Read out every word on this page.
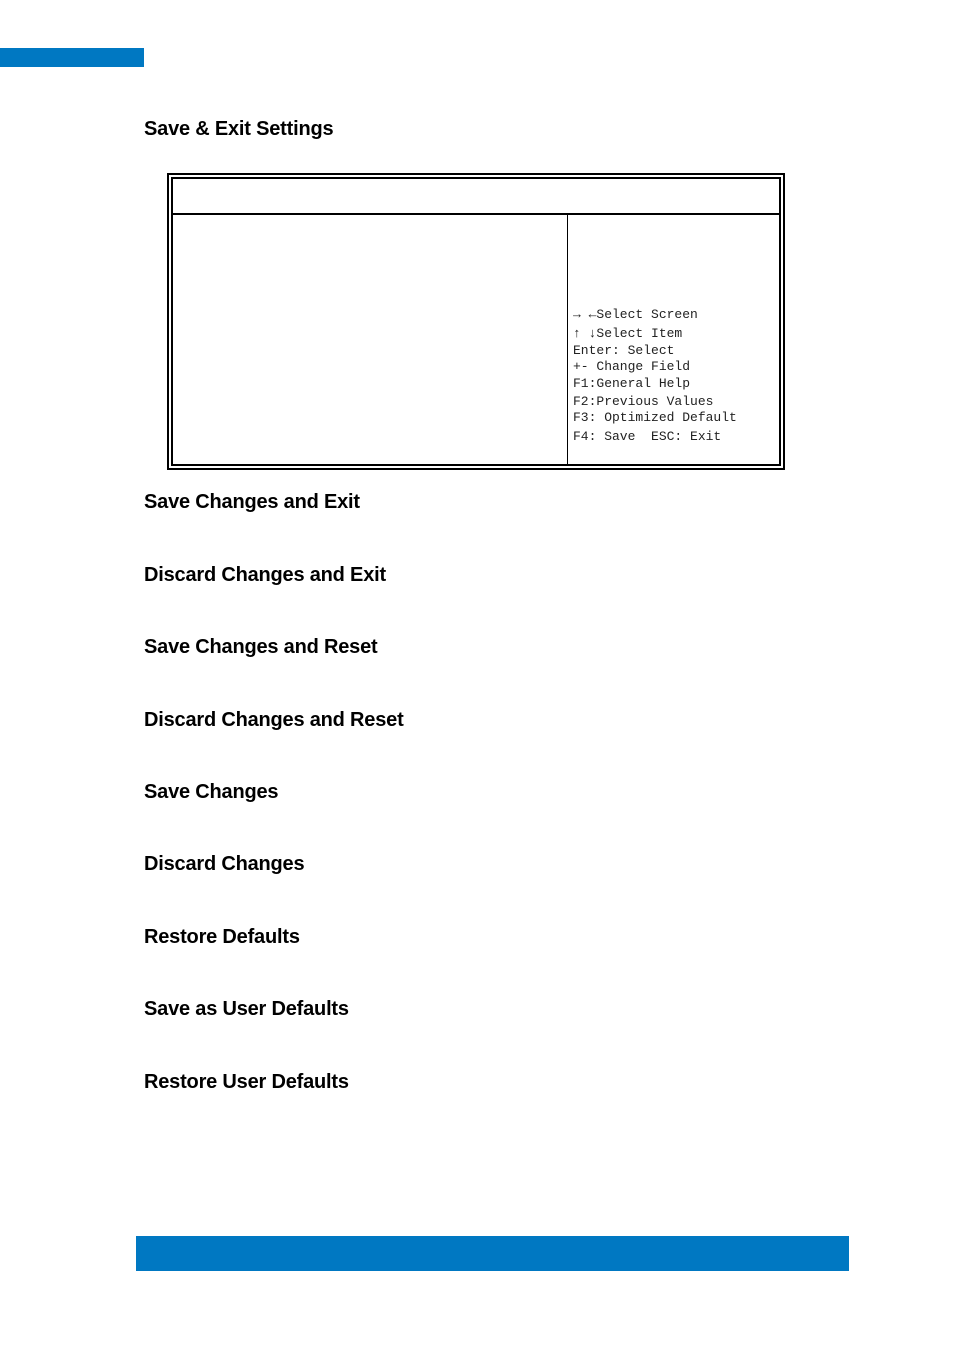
Save & Exit Settings
→ ←Select Screen
↑ ↓Select Item
Enter: Select
+- Change Field
F1:General Help
F2:Previous Values
F3: Optimized Default
F4: Save  ESC: Exit
Save Changes and Exit
Discard Changes and Exit
Save Changes and Reset
Discard Changes and Reset
Save Changes
Discard Changes
Restore Defaults
Save as User Defaults
Restore User Defaults
